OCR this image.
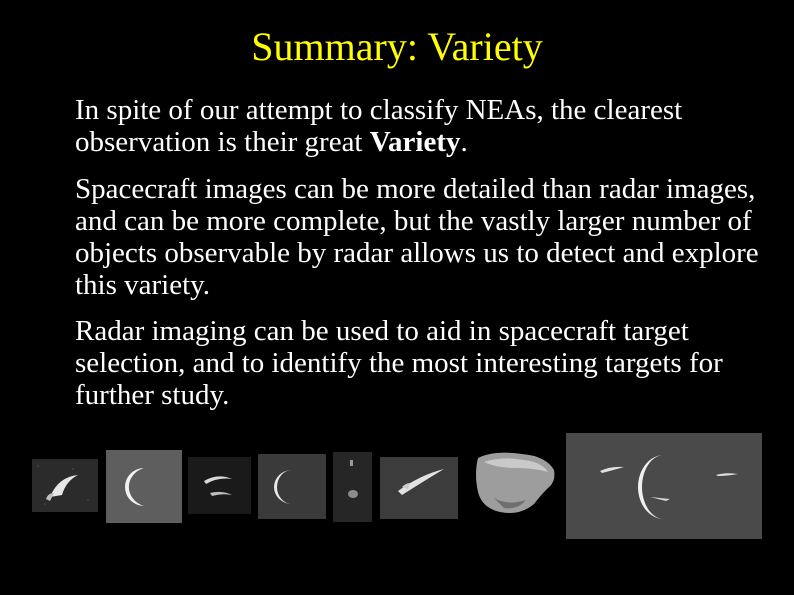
Summary: Variety
In spite of our attempt to classify NEAs, the clearest observation is their great Variety.
Spacecraft images can be more detailed than radar images, and can be more complete, but the vastly larger number of objects observable by radar allows us to detect and explore this variety.
Radar imaging can be used to aid in spacecraft target selection, and to identify the most interesting targets for further study.
